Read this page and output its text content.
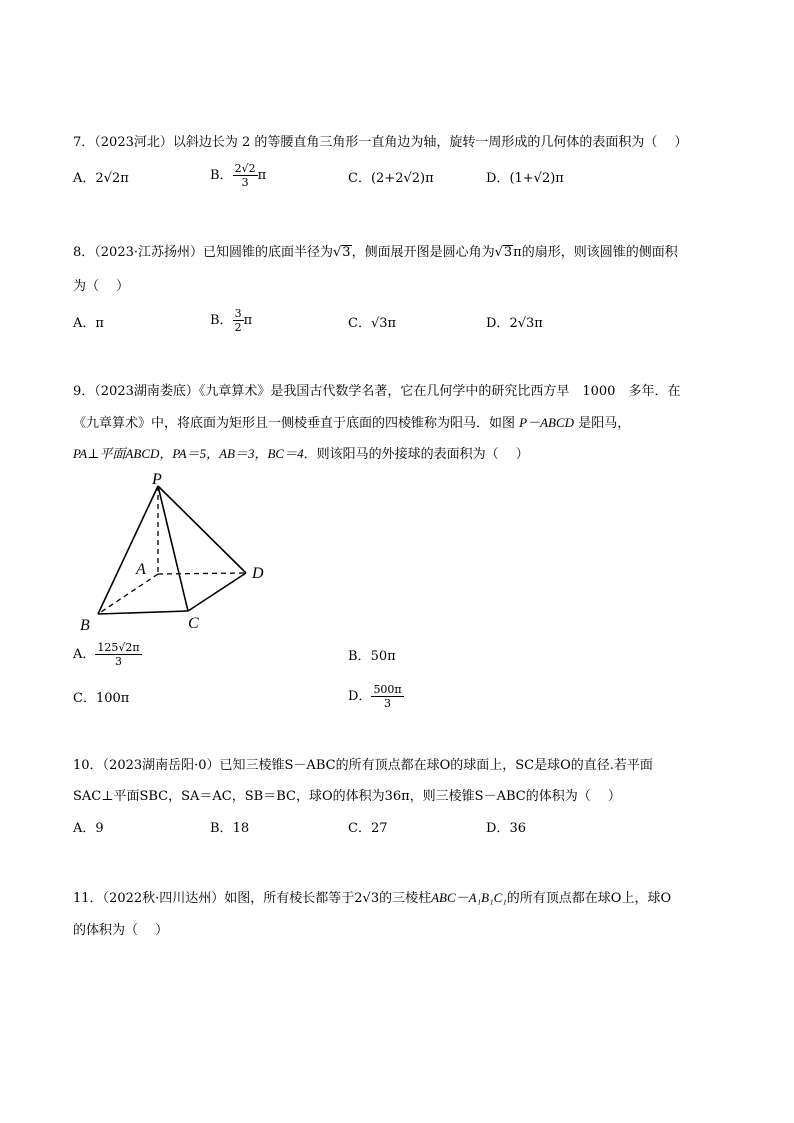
7．（2023河北）以斜边长为 2 的等腰直角三角形一直角边为轴，旋转一周形成的几何体的表面积为（　 ）
A．2√2π	B． $\frac{2√2}{3}$ π	C．(2+2√2)π	D．(1+√2)π
8．（2023·江苏扬州）已知圆锥的底面半径为√3，侧面展开图是圆心角为√3π的扇形，则该圆锥的侧面积
为（　 ）
A．π	B． $\frac{3}{2}$ π	C．√3π	D．2√3π
9．（2023湖南娄底）《九章算术》是我国古代数学名著，它在几何学中的研究比西方早　1000　多年．在
《九章算术》中，将底面为矩形且一侧棱垂直于底面的四棱锥称为阳马．如图 P－ABCD 是阳马，
PA⊥平面ABCD，PA＝5，AB＝3，BC＝4．则该阳马的外接球的表面积为（　 ）
P
A	D
B	C
A． $\frac{125√2\pi}{3}$	B．50π
C．100π	D． $\frac{500\pi}{3}$
10．（2023湖南岳阳·0）已知三棱锥S－ABC的所有顶点都在球O的球面上，SC是球O的直径.若平面
SAC⊥平面SBC，SA＝AC，SB＝BC，球O的体积为36π，则三棱锥S－ABC的体积为（　 ）
A．9	B．18	C．27	D．36
11．（2022秋·四川达州）如图，所有棱长都等于2√3的三棱柱ABC－A₁B₁C₁的所有顶点都在球O上，球O
的体积为（　 ）
